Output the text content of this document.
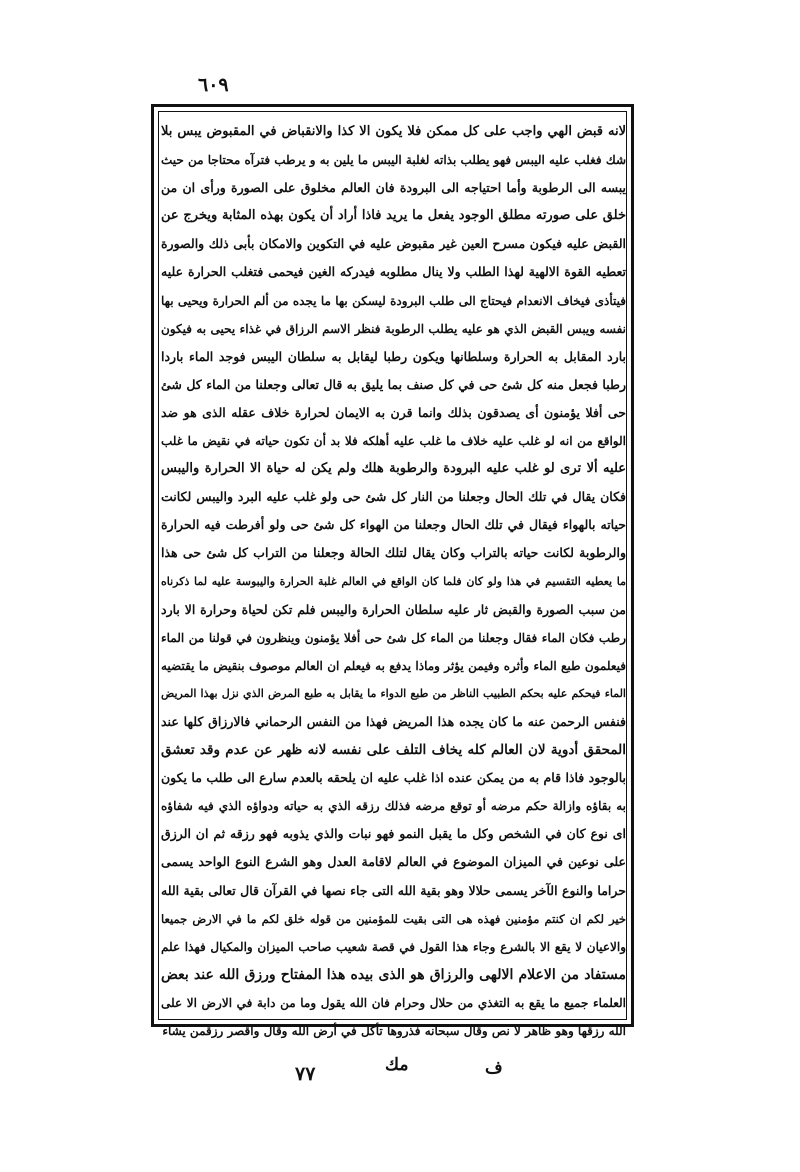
٦٠٩
لانه قبض الهي واجب على كل ممكن فلا يكون الا كذا والانقباض في المقبوض يبس بلا
شك فغلب عليه اليبس فهو يطلب بذاته لغلبة اليبس ما يلين به و يرطب فترآه محتاجا من حيث
يبسه الى الرطوبة وأما احتياجه الى البرودة فان العالم مخلوق على الصورة ورأى ان من
خلق على صورته مطلق الوجود يفعل ما يريد فاذا أراد أن يكون بهذه المثابة ويخرج عن
القبض عليه فيكون مسرح العين غير مقبوض عليه في التكوين والامكان بأبى ذلك والصورة
تعطيه القوة الالهية لهذا الطلب ولا ينال مطلوبه فيدركه الغين فيحمى فتغلب الحرارة عليه
فيتأذى فيخاف الانعدام فيحتاج الى طلب البرودة ليسكن بها ما يجده من ألم الحرارة ويحيى بها
نفسه ويبس القبض الذي هو عليه يطلب الرطوبة فنظر الاسم الرزاق في غذاء يحيى به فيكون
بارد المقابل به الحرارة وسلطانها ويكون رطبا ليقابل به سلطان اليبس فوجد الماء باردا
رطبا فجعل منه كل شئ حى في كل صنف بما يليق به قال تعالى وجعلنا من الماء كل شئ
حى أفلا يؤمنون أى يصدقون بذلك وانما قرن به الايمان لحرارة خلاف عقله الذى هو ضد
الواقع من انه لو غلب عليه خلاف ما غلب عليه أهلكه فلا بد أن تكون حياته في نقيض ما غلب
عليه ألا ترى لو غلب عليه البرودة والرطوبة هلك ولم يكن له حياة الا الحرارة واليبس
فكان يقال في تلك الحال وجعلنا من النار كل شئ حى ولو غلب عليه البرد واليبس لكانت
حياته بالهواء فيقال في تلك الحال وجعلنا من الهواء كل شئ حى ولو أفرطت فيه الحرارة
والرطوبة لكانت حياته بالتراب وكان يقال لتلك الحالة وجعلنا من التراب كل شئ حى هذا
ما يعطيه التقسيم في هذا ولو كان فلما كان الواقع في العالم غلبة الحرارة واليبوسة عليه لما ذكرناه
من سبب الصورة والقبض ثار عليه سلطان الحرارة واليبس فلم تكن لحياة وحرارة الا بارد
رطب فكان الماء فقال وجعلنا من الماء كل شئ حى أفلا يؤمنون وينظرون في قولنا من الماء
فيعلمون طبع الماء وأثره وفيمن يؤثر وماذا يدفع به فيعلم ان العالم موصوف بنقيض ما يقتضيه
الماء فيحكم عليه بحكم الطبيب الناظر من طبع الدواء ما يقابل به طبع المرض الذي نزل بهذا المريض
فنفس الرحمن عنه ما كان يجده هذا المريض فهذا من النفس الرحماني فالارزاق كلها عند
المحقق أدوية لان العالم كله يخاف التلف على نفسه لانه ظهر عن عدم وقد تعشق
بالوجود فاذا قام به من يمكن عنده اذا غلب عليه ان يلحقه بالعدم سارع الى طلب ما يكون
به بقاؤه وازالة حكم مرضه أو توقع مرضه فذلك رزقه الذي به حياته ودواؤه الذي فيه شفاؤه
اى نوع كان في الشخص وكل ما يقبل النمو فهو نبات والذي يذوبه فهو رزقه ثم ان الرزق
على نوعين في الميزان الموضوع في العالم لاقامة العدل وهو الشرع النوع الواحد يسمى
حراما والنوع الآخر يسمى حلالا وهو بقية الله التى جاء نصها في القرآن قال تعالى بقية الله
خير لكم ان كنتم مؤمنين فهذه هى التى بقيت للمؤمنين من قوله خلق لكم ما في الارض جميعا
والاعيان لا يقع الا بالشرع وجاء هذا القول في قصة شعيب صاحب الميزان والمكيال فهذا علم
مستفاد من الاعلام الالهى والرزاق هو الذى بيده هذا المفتاح ورزق الله عند بعض
العلماء جميع ما يقع به التغذي من حلال وحرام فان الله يقول وما من دابة في الارض الا على
الله رزقها وهو ظاهر لا نص وقال سبحانه فذروها تأكل في أرض الله وقال واقصر رزقمن يشاء
ف
مك
٧٧
